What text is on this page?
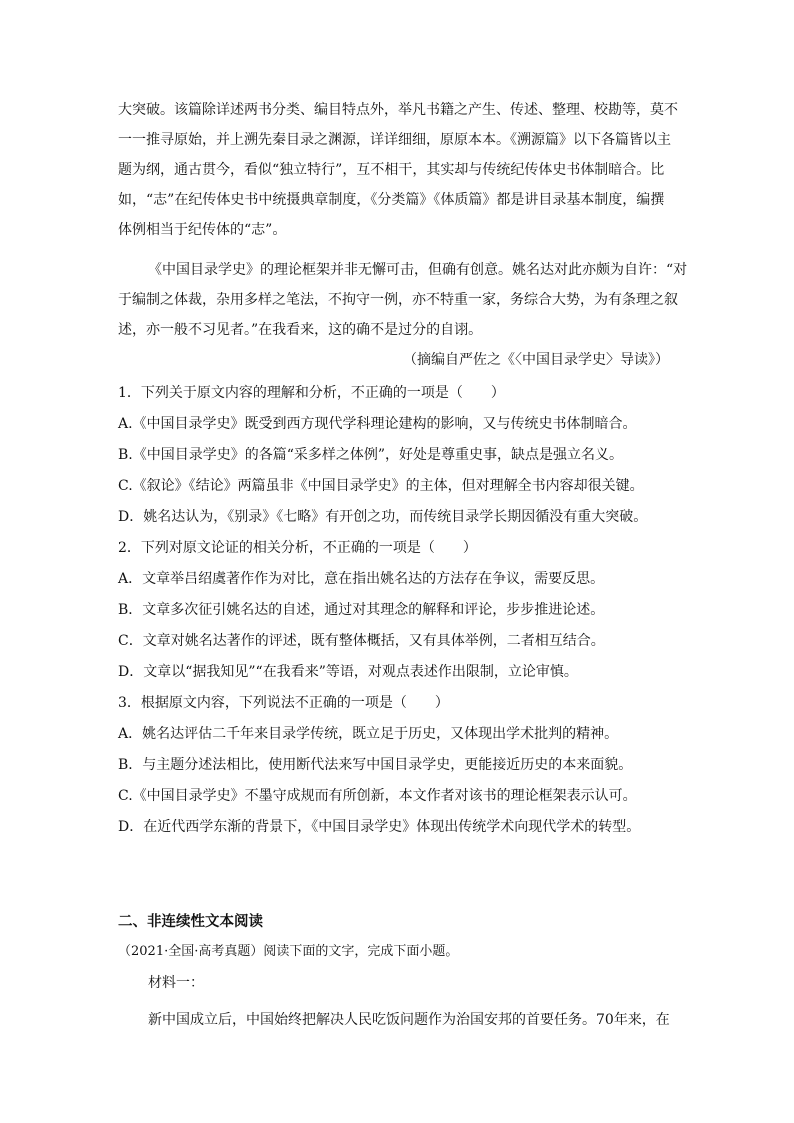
大突破。该篇除详述两书分类、编目特点外，举凡书籍之产生、传述、整理、校勘等，莫不
一一推寻原始，并上溯先秦目录之渊源，详详细细，原原本本。《溯源篇》以下各篇皆以主
题为纲，通古贯今，看似“独立特行”，互不相干，其实却与传统纪传体史书体制暗合。比
如，“志”在纪传体史书中统摄典章制度，《分类篇》《体质篇》都是讲目录基本制度，编撰
体例相当于纪传体的“志”。
《中国目录学史》的理论框架并非无懈可击，但确有创意。姚名达对此亦颇为自许：“对
于编制之体裁，杂用多样之笔法，不拘守一例，亦不特重一家，务综合大势，为有条理之叙
述，亦一般不习见者。”在我看来，这的确不是过分的自诩。
（摘编自严佐之《〈中国目录学史〉导读》）
1．下列关于原文内容的理解和分析，不正确的一项是（　　）
A.《中国目录学史》既受到西方现代学科理论建构的影响，又与传统史书体制暗合。
B.《中国目录学史》的各篇“采多样之体例”，好处是尊重史事，缺点是强立名义。
C.《叙论》《结论》两篇虽非《中国目录学史》的主体，但对理解全书内容却很关键。
D．姚名达认为，《别录》《七略》有开创之功，而传统目录学长期因循没有重大突破。
2．下列对原文论证的相关分析，不正确的一项是（　　）
A．文章举吕绍虞著作作为对比，意在指出姚名达的方法存在争议，需要反思。
B．文章多次征引姚名达的自述，通过对其理念的解释和评论，步步推进论述。
C．文章对姚名达著作的评述，既有整体概括，又有具体举例，二者相互结合。
D．文章以“据我知见”“在我看来”等语，对观点表述作出限制，立论审慎。
3．根据原文内容，下列说法不正确的一项是（　　）
A．姚名达评估二千年来目录学传统，既立足于历史，又体现出学术批判的精神。
B．与主题分述法相比，使用断代法来写中国目录学史，更能接近历史的本来面貌。
C.《中国目录学史》不墨守成规而有所创新，本文作者对该书的理论框架表示认可。
D．在近代西学东渐的背景下，《中国目录学史》体现出传统学术向现代学术的转型。
二、非连续性文本阅读
（2021·全国·高考真题）阅读下面的文字，完成下面小题。
材料一：
新中国成立后，中国始终把解决人民吃饭问题作为治国安邦的首要任务。70年来，在
